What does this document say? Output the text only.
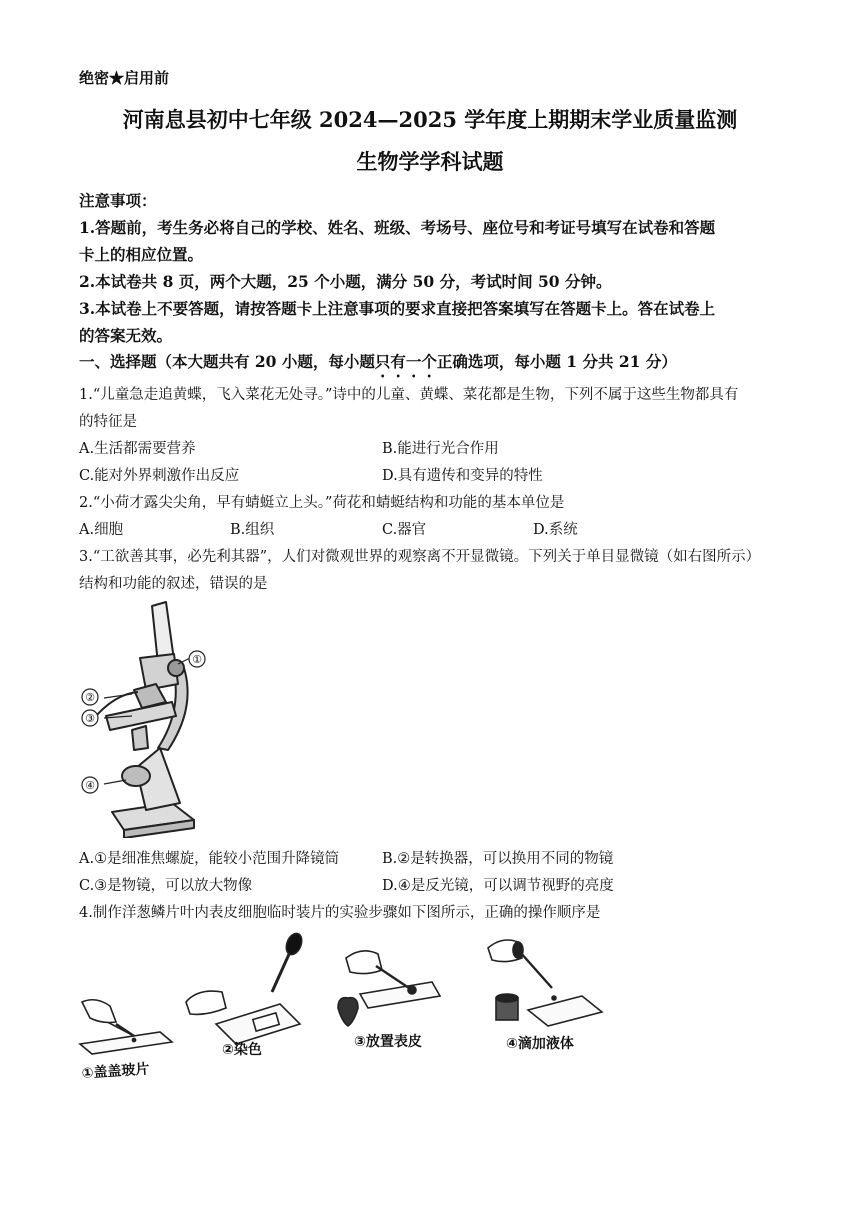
绝密★启用前
河南息县初中七年级 2024—2025 学年度上期期末学业质量监测
生物学学科试题
注意事项：
1.答题前，考生务必将自己的学校、姓名、班级、考场号、座位号和考证号填写在试卷和答题
卡上的相应位置。
2.本试卷共 8 页，两个大题，25 个小题，满分 50 分，考试时间 50 分钟。
3.本试卷上不要答题，请按答题卡上注意事项的要求直接把答案填写在答题卡上。答在试卷上
的答案无效。
一、选择题（本大题共有 20 小题，每小题只有一个正确选项，每小题 1 分共 21 分）
1.“儿童急走追黄蝶，飞入菜花无处寻。”诗中的儿童、黄蝶、菜花都是生物，下列不属于这些生物都具有
的特征是
A.生活都需要营养	B.能进行光合作用
C.能对外界刺激作出反应	D.具有遗传和变异的特性
2.“小荷才露尖尖角，早有蜻蜓立上头。”荷花和蜻蜓结构和功能的基本单位是
A.细胞	B.组织	C.器官	D.系统
3.“工欲善其事，必先利其器”，人们对微观世界的观察离不开显微镜。下列关于单目显微镜（如右图所示）
结构和功能的叙述，错误的是
①
②
③
④
A.①是细准焦螺旋，能较小范围升降镜筒	B.②是转换器，可以换用不同的物镜
C.③是物镜，可以放大物像	D.④是反光镜，可以调节视野的亮度
4.制作洋葱鳞片叶内表皮细胞临时装片的实验步骤如下图所示，正确的操作顺序是
①盖盖玻片
②染色	③放置表皮	④滴加液体
